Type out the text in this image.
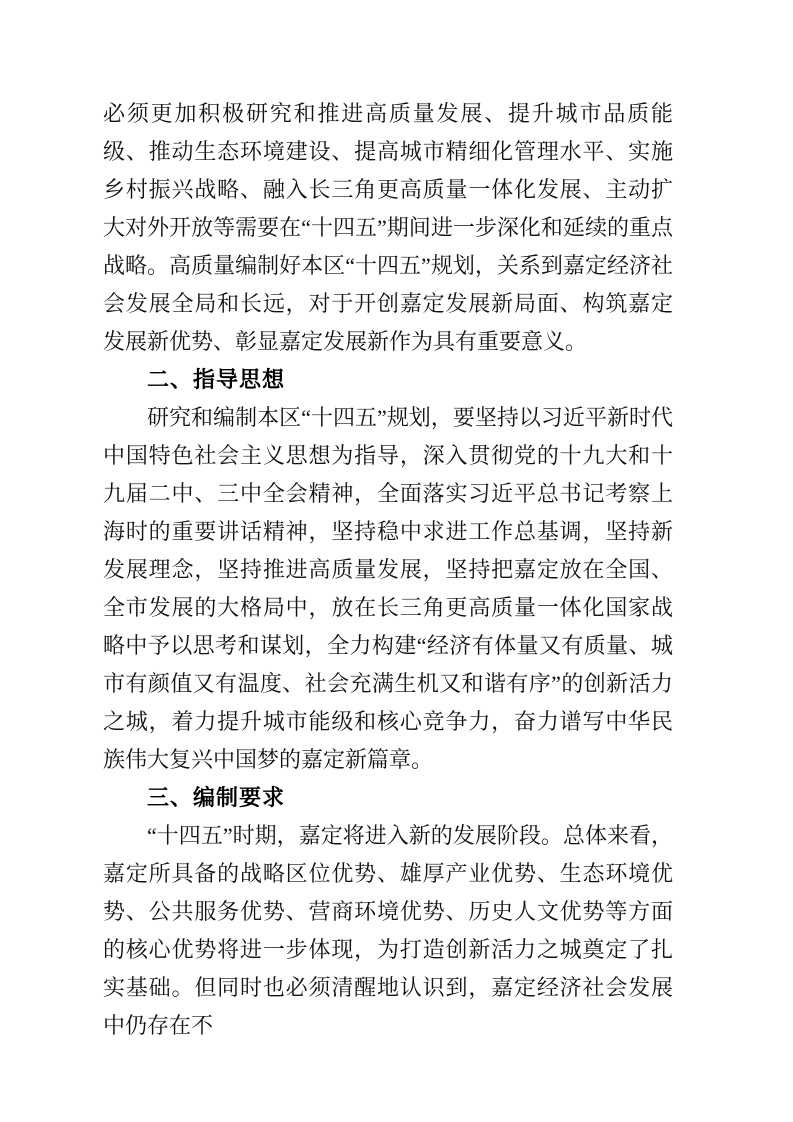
必须更加积极研究和推进高质量发展、提升城市品质能级、推动生态环境建设、提高城市精细化管理水平、实施乡村振兴战略、融入长三角更高质量一体化发展、主动扩大对外开放等需要在“十四五”期间进一步深化和延续的重点战略。高质量编制好本区“十四五”规划，关系到嘉定经济社会发展全局和长远，对于开创嘉定发展新局面、构筑嘉定发展新优势、彰显嘉定发展新作为具有重要意义。

二、指导思想

研究和编制本区“十四五”规划，要坚持以习近平新时代中国特色社会主义思想为指导，深入贯彻党的十九大和十九届二中、三中全会精神，全面落实习近平总书记考察上海时的重要讲话精神，坚持稳中求进工作总基调，坚持新发展理念，坚持推进高质量发展，坚持把嘉定放在全国、全市发展的大格局中，放在长三角更高质量一体化国家战略中予以思考和谋划，全力构建“经济有体量又有质量、城市有颜值又有温度、社会充满生机又和谐有序”的创新活力之城，着力提升城市能级和核心竞争力，奋力谱写中华民族伟大复兴中国梦的嘉定新篇章。

三、编制要求

“十四五”时期，嘉定将进入新的发展阶段。总体来看，嘉定所具备的战略区位优势、雄厚产业优势、生态环境优势、公共服务优势、营商环境优势、历史人文优势等方面的核心优势将进一步体现，为打造创新活力之城奠定了扎实基础。但同时也必须清醒地认识到，嘉定经济社会发展中仍存在不
